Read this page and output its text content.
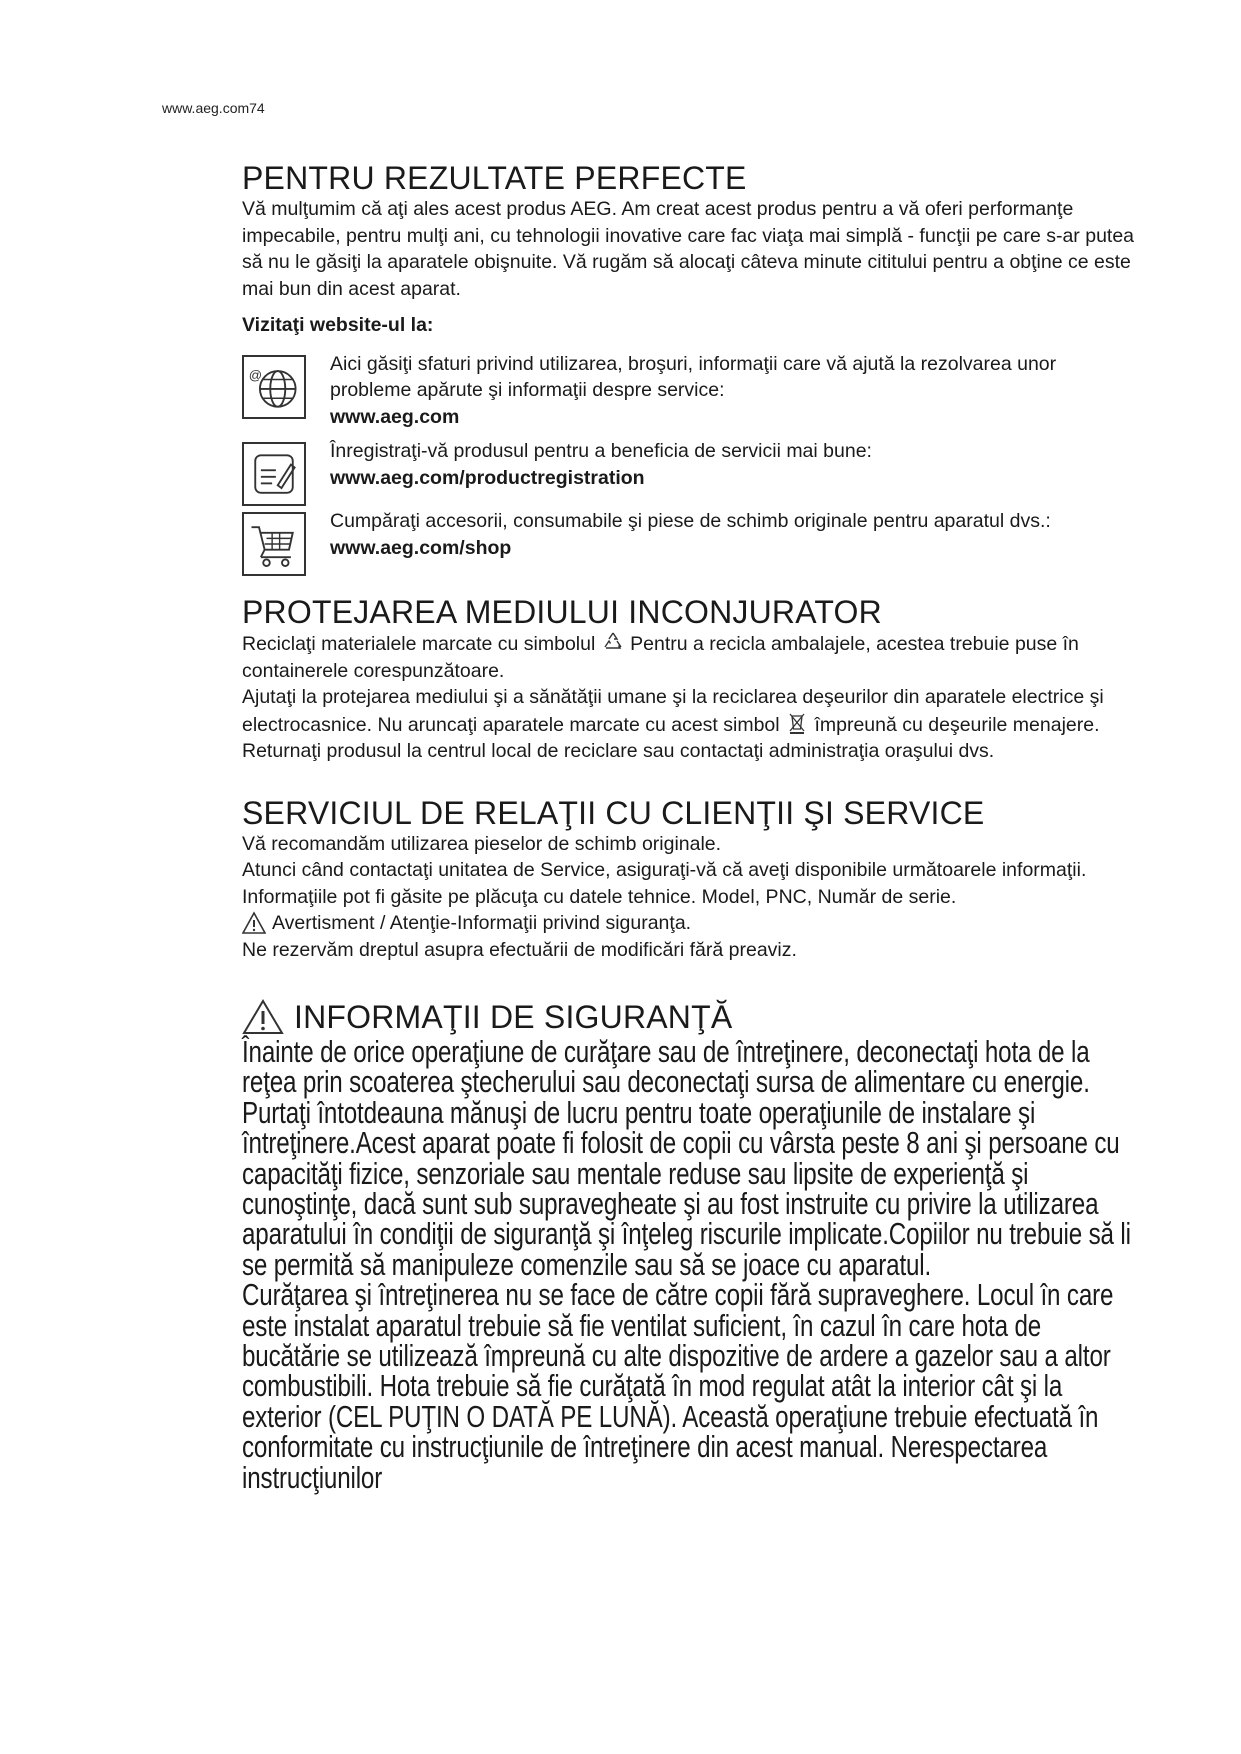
www.aeg.com74
PENTRU REZULTATE PERFECTE

Vă mulţumim că aţi ales acest produs AEG. Am creat acest produs pentru a vă oferi performanţe impecabile, pentru mulţi ani, cu tehnologii inovative care fac viaţa mai simplă - funcţii pe care s-ar putea să nu le găsiţi la aparatele obişnuite. Vă rugăm să alocaţi câteva minute cititului pentru a obţine ce este mai bun din acest aparat.

Vizitaţi website-ul la:

@	Aici găsiţi sfaturi privind utilizarea, broşuri, informaţii care vă ajută la rezolvarea unor probleme apărute şi informaţii despre service:

www.aeg.com

Înregistraţi-vă produsul pentru a beneficia de servicii mai bune:

www.aeg.com/productregistration

Cumpăraţi accesorii, consumabile şi piese de schimb originale pentru aparatul dvs.:

www.aeg.com/shop

PROTEJAREA MEDIULUI INCONJURATOR

Reciclaţi materialele marcate cu simbolul Pentru a recicla ambalajele, acestea trebuie puse în containerele corespunzătoare.

Ajutaţi la protejarea mediului şi a sănătăţii umane şi la reciclarea deşeurilor din aparatele electrice şi electrocasnice. Nu aruncaţi aparatele marcate cu acest simbol împreună cu deşeurile menajere. Returnaţi produsul la centrul local de reciclare sau contactaţi administraţia oraşului dvs.

SERVICIUL DE RELAŢII CU CLIENŢII ŞI SERVICE

Vă recomandăm utilizarea pieselor de schimb originale.

Atunci când contactaţi unitatea de Service, asiguraţi-vă că aveţi disponibile următoarele informaţii.

Informaţiile pot fi găsite pe plăcuţa cu datele tehnice. Model, PNC, Număr de serie.

Avertisment / Atenţie-Informaţii privind siguranţa.

Ne rezervăm dreptul asupra efectuării de modificări fără preaviz.

INFORMAŢII DE SIGURANŢĂ

Înainte de orice operaţiune de curăţare sau de întreţinere, deconectaţi hota de la reţea prin scoaterea ştecherului sau deconectaţi sursa de alimentare cu energie. Purtaţi întotdeauna mănuşi de lucru pentru toate operaţiunile de instalare şi întreţinere.Acest aparat poate fi folosit de copii cu vârsta peste 8 ani şi persoane cu capacităţi fizice, senzoriale sau mentale reduse sau lipsite de experienţă şi cunoştinţe, dacă sunt sub supravegheate şi au fost instruite cu privire la utilizarea aparatului în condiţii de siguranţă şi înţeleg riscurile implicate.Copiilor nu trebuie să li se permită să manipuleze comenzile sau să se joace cu aparatul.

Curăţarea şi întreţinerea nu se face de către copii fără supraveghere. Locul în care este instalat aparatul trebuie să fie ventilat suficient, în cazul în care hota de bucătărie se utilizează împreună cu alte dispozitive de ardere a gazelor sau a altor combustibili. Hota trebuie să fie curăţată în mod regulat atât la interior cât şi la exterior (CEL PUŢIN O DATĂ PE LUNĂ). Această operaţiune trebuie efectuată în conformitate cu instrucţiunile de întreţinere din acest manual. Nerespectarea instrucţiunilor
